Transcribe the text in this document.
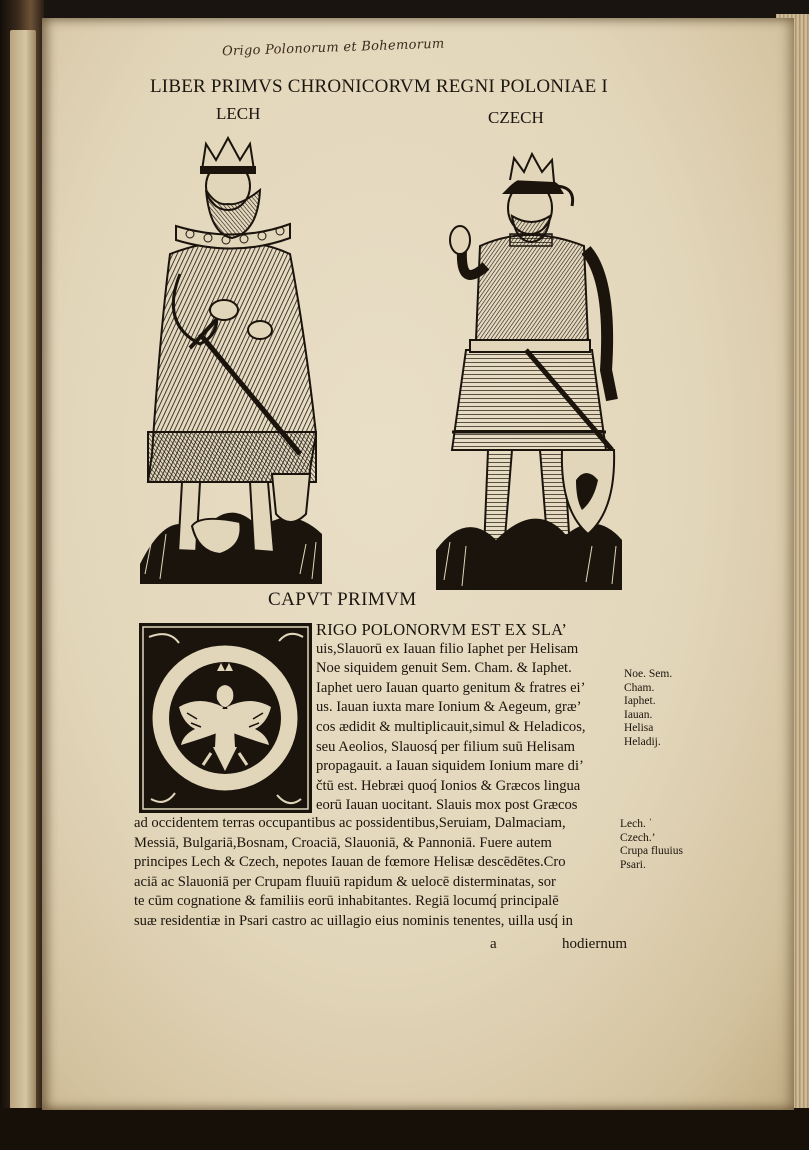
Origo Polonorum et Bohemorum
LIBER PRIMVS CHRONICORVM REGNI POLONIAE I
LECH	CZECH
CAPVT PRIMVM
RIGO POLONORVM EST EX SLA’
uis,Slauorū ex Iauan filio Iaphet per Helisam
Noe siquidem genuit Sem. Cham. & Iaphet.
Iaphet uero Iauan quarto genitum & fratres ei’
us. Iauan iuxta mare Ionium & Aegeum, græ’
cos ædidit & multiplicauit,simul & Heladicos,
seu Aeolios, Slauosq́ per filium suū Helisam
propagauit. a Iauan siquidem Ionium mare di’
čtū est. Hebræi quoq́ Ionios & Græcos lingua
eorū Iauan uocitant. Slauis mox post Græcos
ad occidentem terras occupantibus ac possidentibus,Seruiam, Dalmaciam,
Messiā, Bulgariā,Bosnam, Croaciā, Slauoniā, & Pannoniā. Fuere autem
principes Lech & Czech, nepotes Iauan de fœmore Helisæ descēdētes.Cro
aciā ac Slauoniā per Crupam fluuiū rapidum & uelocē disterminatas, sor
te cūm cognatione & familiis eorū inhabitantes. Regiā locumq́ principalē
suæ residentiæ in Psari castro ac uillagio eius nominis tenentes, uilla usq́ in
a	hodiernum
Noe. Sem.
Cham.
Iaphet.
Iauan.
Helisa
Heladij.
Lech. ˈ
Czech.’
Crupa fluuius
Psari.
